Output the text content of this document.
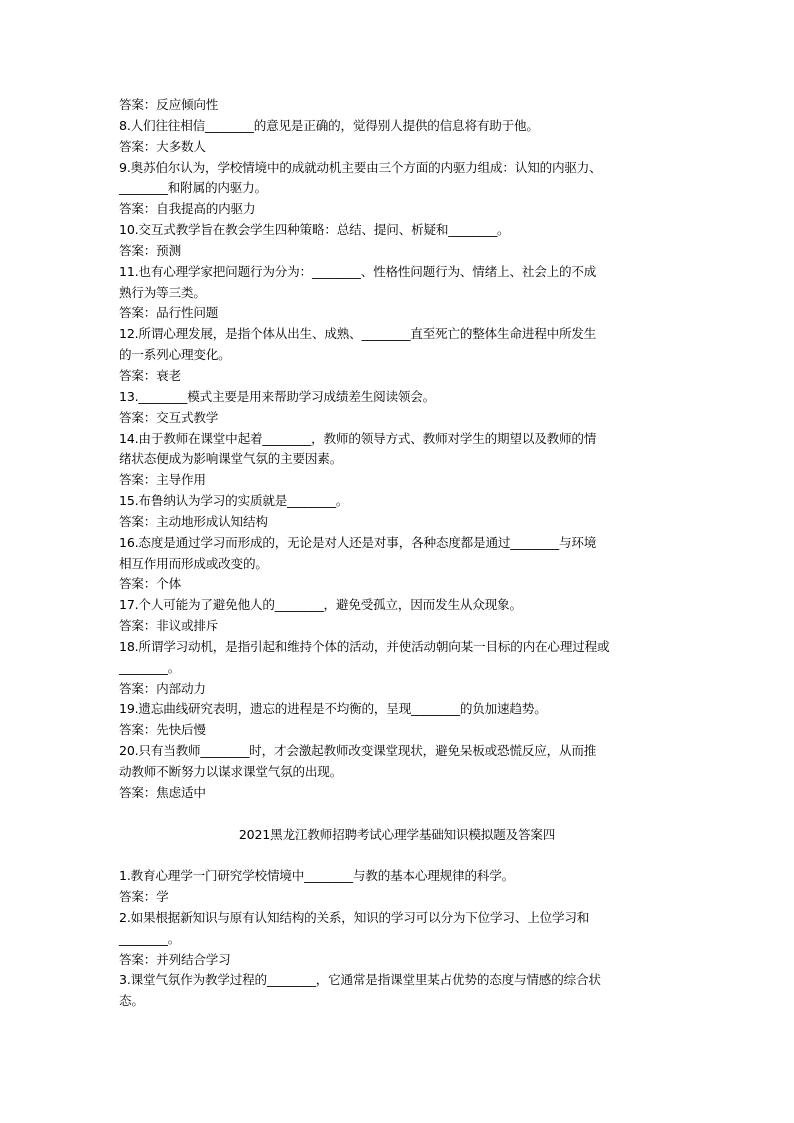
答案：反应倾向性
8.人们往往相信________的意见是正确的，觉得别人提供的信息将有助于他。
答案：大多数人
9.奥苏伯尔认为，学校情境中的成就动机主要由三个方面的内驱力组成：认知的内驱力、
________和附属的内驱力。
答案：自我提高的内驱力
10.交互式教学旨在教会学生四种策略：总结、提问、析疑和________。
答案：预测
11.也有心理学家把问题行为分为：________、性格性问题行为、情绪上、社会上的不成
熟行为等三类。
答案：品行性问题
12.所谓心理发展，是指个体从出生、成熟、________直至死亡的整体生命进程中所发生
的一系列心理变化。
答案：衰老
13.________模式主要是用来帮助学习成绩差生阅读领会。
答案：交互式教学
14.由于教师在课堂中起着________，教师的领导方式、教师对学生的期望以及教师的情
绪状态便成为影响课堂气氛的主要因素。
答案：主导作用
15.布鲁纳认为学习的实质就是________。
答案：主动地形成认知结构
16.态度是通过学习而形成的，无论是对人还是对事，各种态度都是通过________与环境
相互作用而形成或改变的。
答案：个体
17.个人可能为了避免他人的________，避免受孤立，因而发生从众现象。
答案：非议或排斥
18.所谓学习动机，是指引起和维持个体的活动，并使活动朝向某一目标的内在心理过程或
________。
答案：内部动力
19.遗忘曲线研究表明，遗忘的进程是不均衡的，呈现________的负加速趋势。
答案：先快后慢
20.只有当教师________时，才会激起教师改变课堂现状，避免呆板或恐慌反应，从而推
动教师不断努力以谋求课堂气氛的出现。
答案：焦虑适中
2021黑龙江教师招聘考试心理学基础知识模拟题及答案四
1.教育心理学一门研究学校情境中________与教的基本心理规律的科学。
答案：学
2.如果根据新知识与原有认知结构的关系，知识的学习可以分为下位学习、上位学习和
________。
答案：并列结合学习
3.课堂气氛作为教学过程的________，它通常是指课堂里某占优势的态度与情感的综合状
态。
